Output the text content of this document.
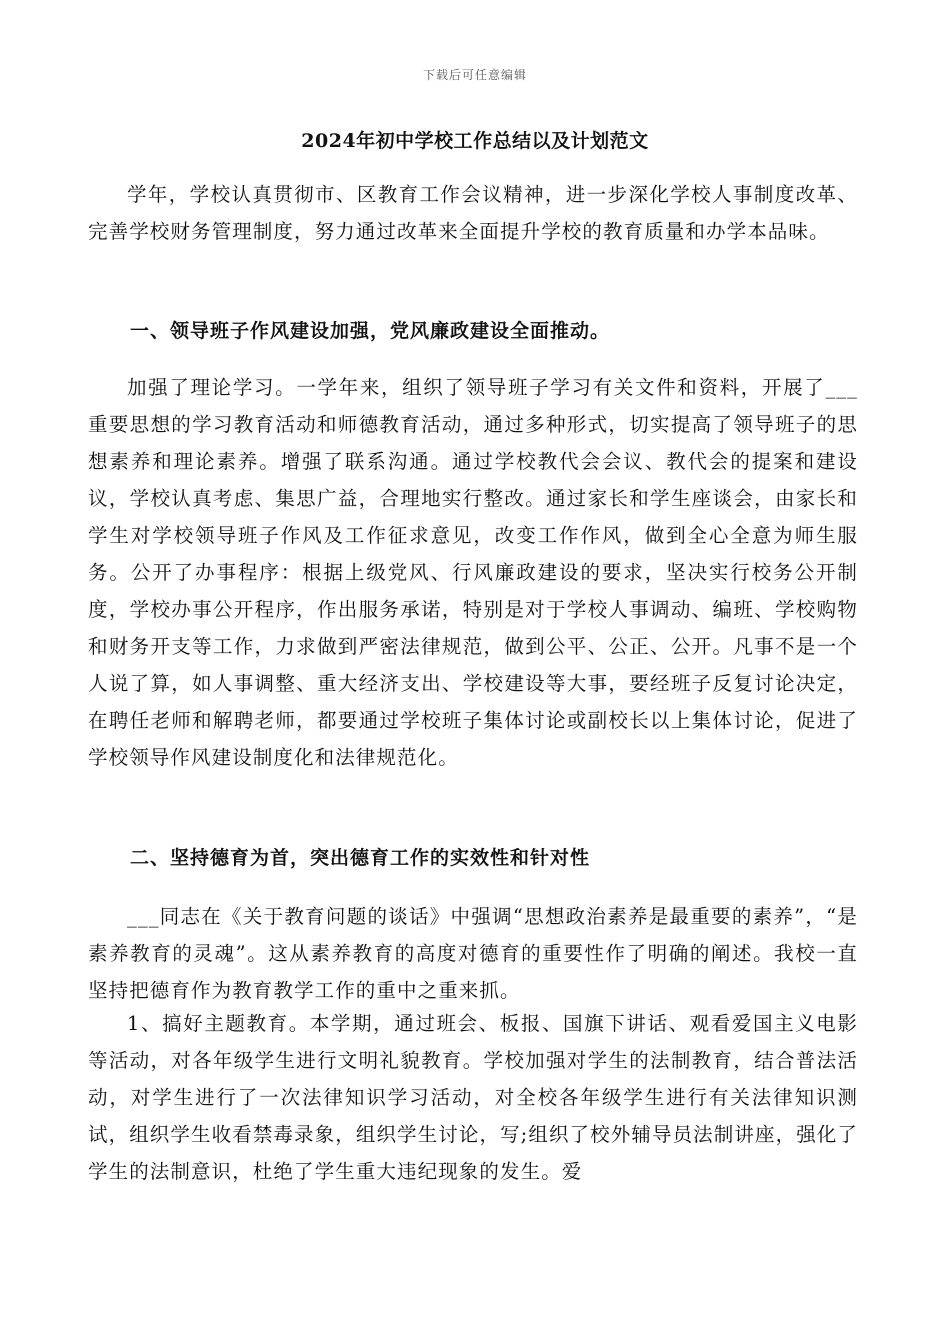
下载后可任意编辑
2024年初中学校工作总结以及计划范文

学年，学校认真贯彻市、区教育工作会议精神，进一步深化学校人事制度改革、完善学校财务管理制度，努力通过改革来全面提升学校的教育质量和办学本品味。

一、领导班子作风建设加强，党风廉政建设全面推动。

加强了理论学习。一学年来，组织了领导班子学习有关文件和资料，开展了___重要思想的学习教育活动和师德教育活动，通过多种形式，切实提高了领导班子的思想素养和理论素养。增强了联系沟通。通过学校教代会会议、教代会的提案和建设议，学校认真考虑、集思广益，合理地实行整改。通过家长和学生座谈会，由家长和学生对学校领导班子作风及工作征求意见，改变工作作风，做到全心全意为师生服务。公开了办事程序：根据上级党风、行风廉政建设的要求，坚决实行校务公开制度，学校办事公开程序，作出服务承诺，特别是对于学校人事调动、编班、学校购物和财务开支等工作，力求做到严密法律规范，做到公平、公正、公开。凡事不是一个人说了算，如人事调整、重大经济支出、学校建设等大事，要经班子反复讨论决定，在聘任老师和解聘老师，都要通过学校班子集体讨论或副校长以上集体讨论，促进了学校领导作风建设制度化和法律规范化。

二、坚持德育为首，突出德育工作的实效性和针对性

___同志在《关于教育问题的谈话》中强调“思想政治素养是最重要的素养”，“是素养教育的灵魂”。这从素养教育的高度对德育的重要性作了明确的阐述。我校一直坚持把德育作为教育教学工作的重中之重来抓。

1、搞好主题教育。本学期，通过班会、板报、国旗下讲话、观看爱国主义电影等活动，对各年级学生进行文明礼貌教育。学校加强对学生的法制教育，结合普法活动，对学生进行了一次法律知识学习活动，对全校各年级学生进行有关法律知识测试，组织学生收看禁毒录象，组织学生讨论，写;组织了校外辅导员法制讲座，强化了学生的法制意识，杜绝了学生重大违纪现象的发生。爱
